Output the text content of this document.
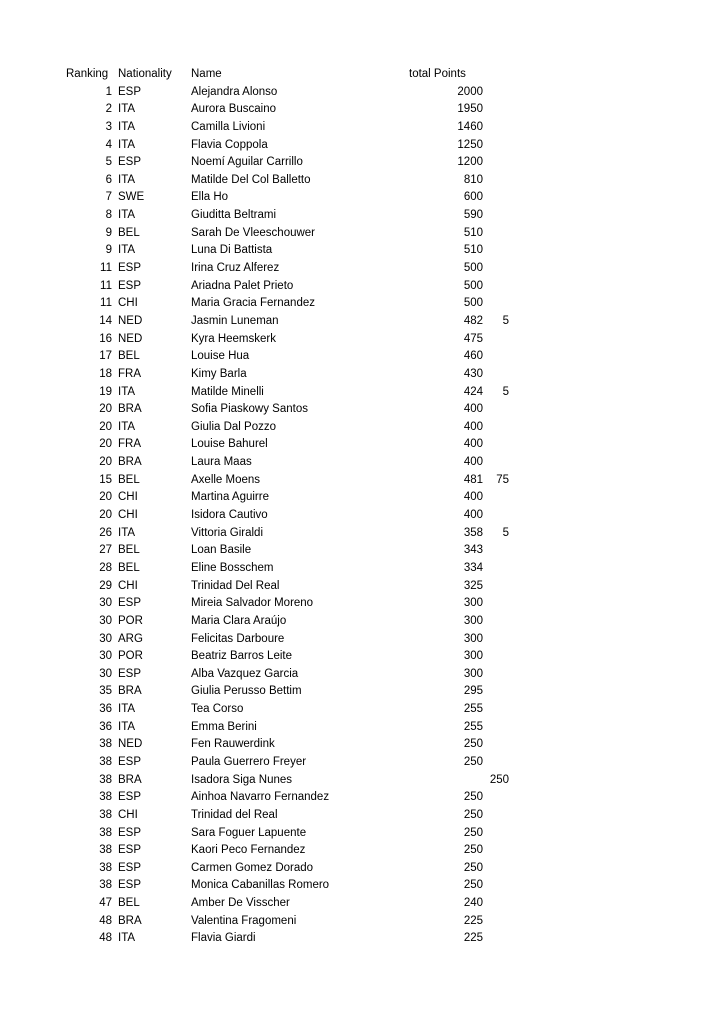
Ranking Nationality	Name	total Points
1 ESP	Alejandra Alonso	2000
2 ITA	Aurora Buscaino	1950
3 ITA	Camilla Livioni	1460
4 ITA	Flavia Coppola	1250
5 ESP	Noemí Aguilar Carrillo	1200
6 ITA	Matilde Del Col Balletto	810
7 SWE	Ella Ho	600
8 ITA	Giuditta Beltrami	590
9 BEL	Sarah De Vleeschouwer	510
9 ITA	Luna Di Battista	510
11 ESP	Irina Cruz Alferez	500
11 ESP	Ariadna Palet Prieto	500
11 CHI	Maria Gracia Fernandez	500
14 NED	Jasmin Luneman	482	5
16 NED	Kyra Heemskerk	475
17 BEL	Louise Hua	460
18 FRA	Kimy Barla	430
19 ITA	Matilde Minelli	424	5
20 BRA	Sofia Piaskowy Santos	400
20 ITA	Giulia Dal Pozzo	400
20 FRA	Louise Bahurel	400
20 BRA	Laura Maas	400
15 BEL	Axelle Moens	481	75
20 CHI	Martina Aguirre	400
20 CHI	Isidora Cautivo	400
26 ITA	Vittoria Giraldi	358	5
27 BEL	Loan Basile	343
28 BEL	Eline Bosschem	334
29 CHI	Trinidad Del Real	325
30 ESP	Mireia Salvador Moreno	300
30 POR	Maria Clara Araújo	300
30 ARG	Felicitas Darboure	300
30 POR	Beatriz Barros Leite	300
30 ESP	Alba Vazquez Garcia	300
35 BRA	Giulia Perusso Bettim	295
36 ITA	Tea Corso	255
36 ITA	Emma Berini	255
38 NED	Fen Rauwerdink	250
38 ESP	Paula Guerrero Freyer	250
38 BRA	Isadora Siga Nunes	250
38 ESP	Ainhoa Navarro Fernandez	250
38 CHI	Trinidad del Real	250
38 ESP	Sara Foguer Lapuente	250
38 ESP	Kaori Peco Fernandez	250
38 ESP	Carmen Gomez Dorado	250
38 ESP	Monica Cabanillas Romero	250
47 BEL	Amber De Visscher	240
48 BRA	Valentina Fragomeni	225
48 ITA	Flavia Giardi	225
